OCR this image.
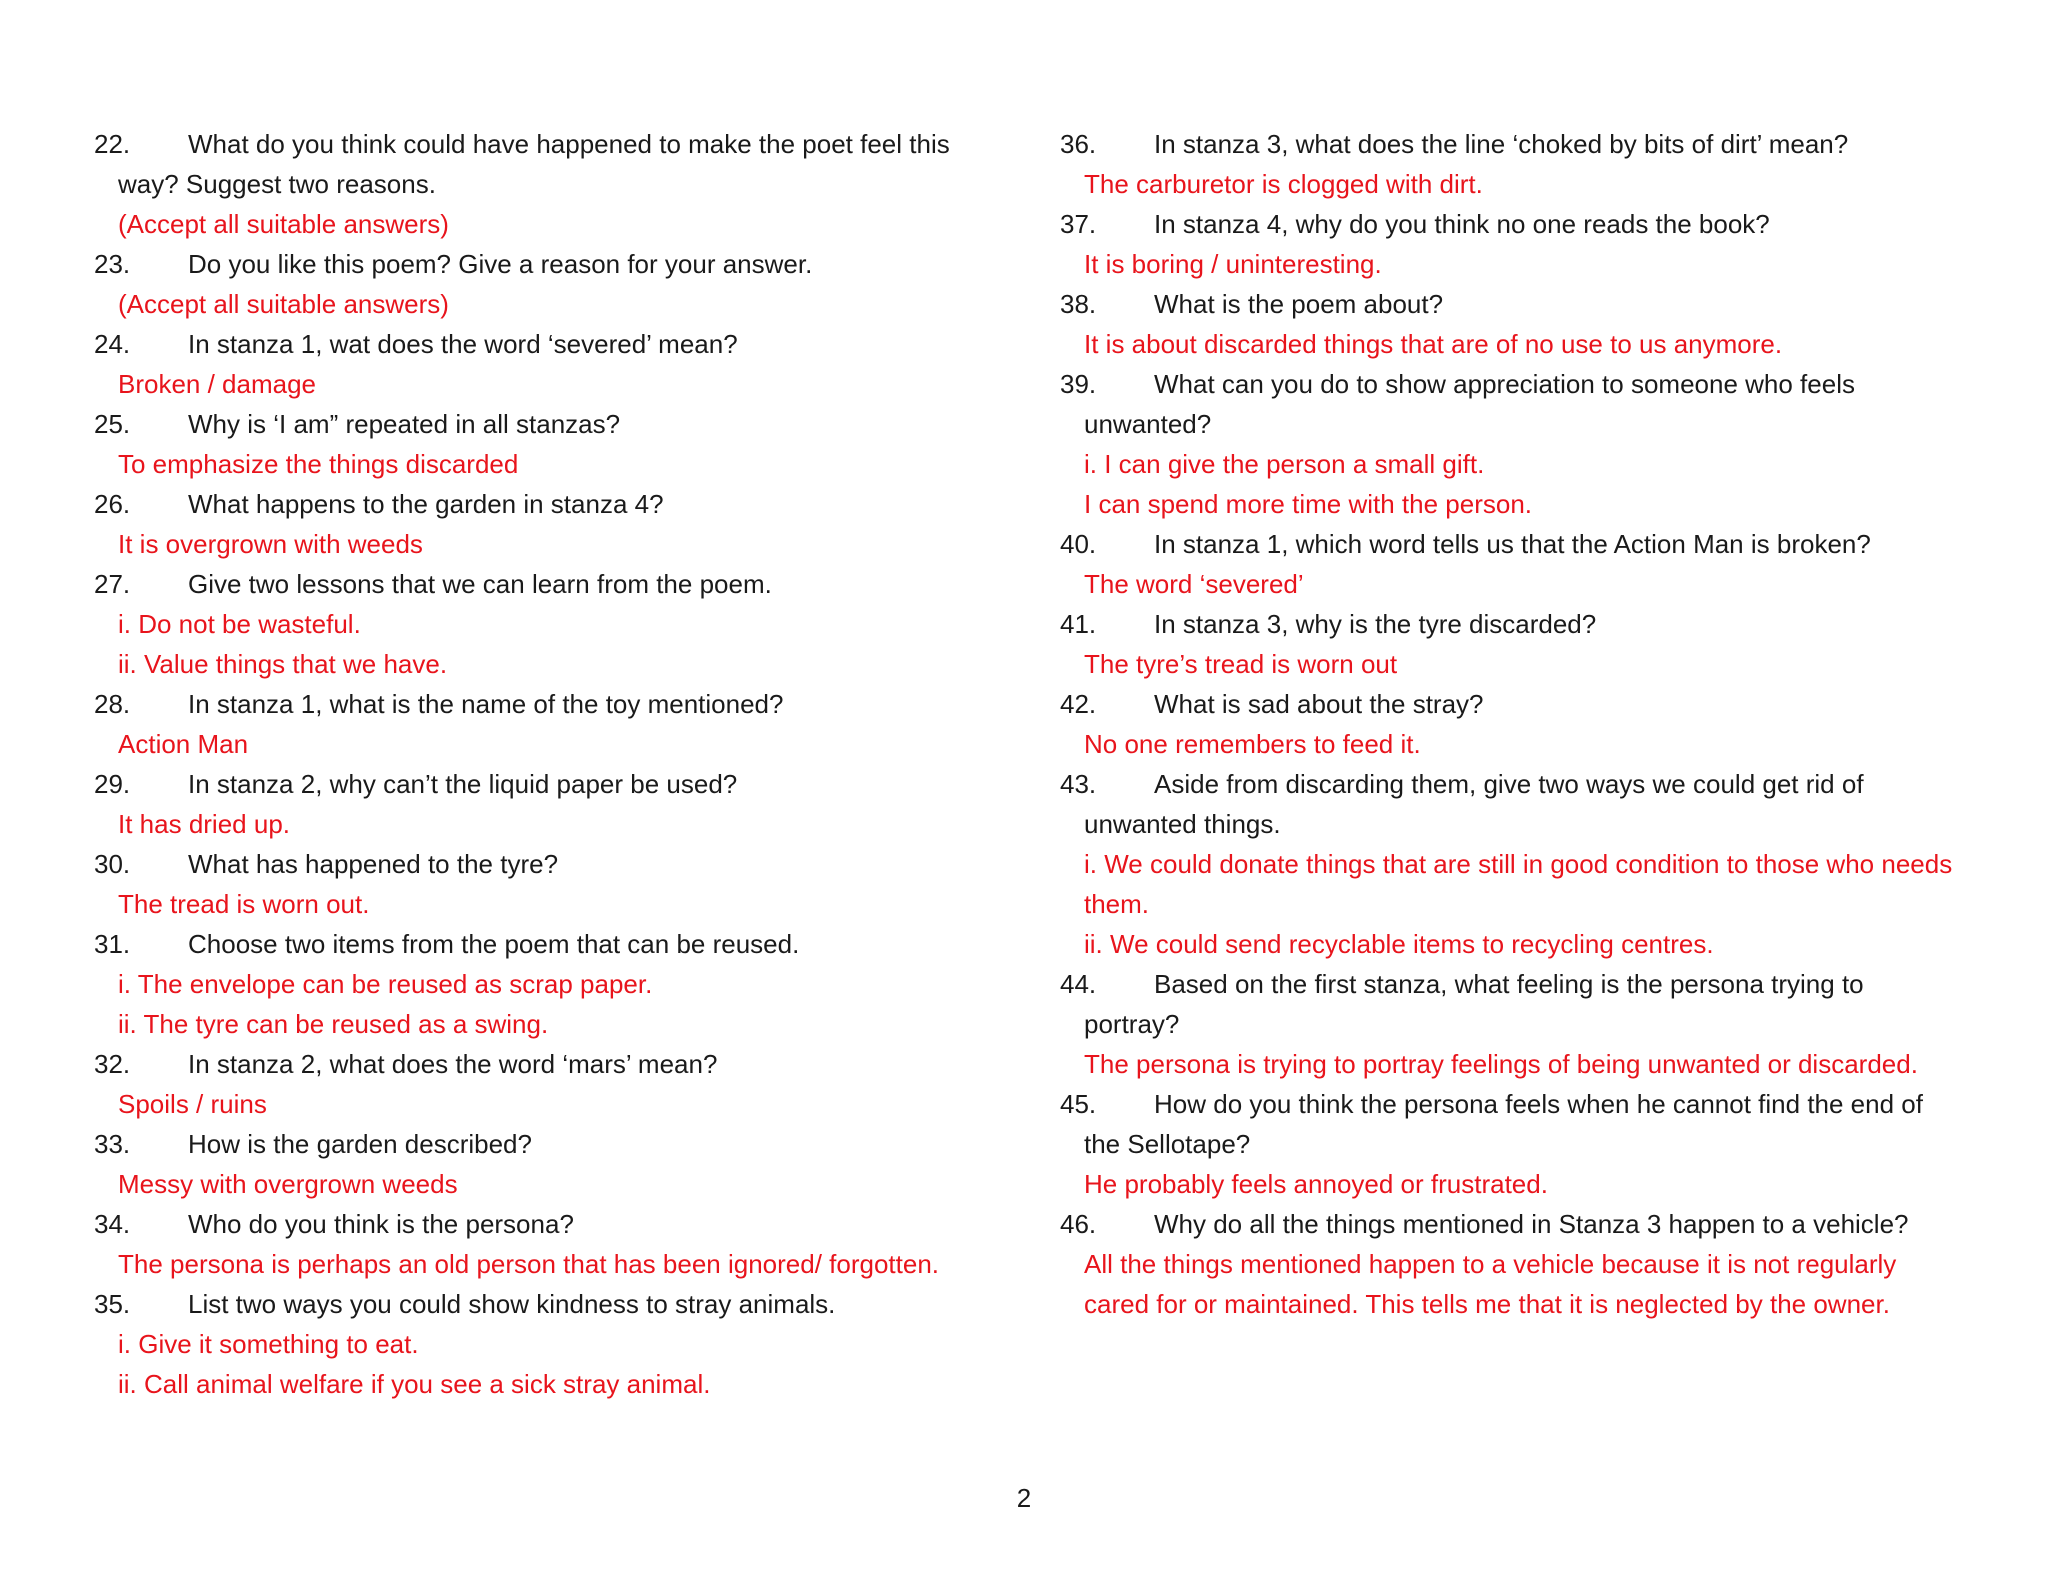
22.	What do you think could have happened to make the poet feel this way? Suggest two reasons.
(Accept all suitable answers)
23.	Do you like this poem? Give a reason for your answer.
(Accept all suitable answers)
24.	In stanza 1, wat does the word ‘severed’ mean?
Broken / damage
25.	Why is ‘I am” repeated in all stanzas?
To emphasize the things discarded
26.	What happens to the garden in stanza 4?
It is overgrown with weeds
27.	Give two lessons that we can learn from the poem.
i. Do not be wasteful.
ii. Value things that we have.
28.	In stanza 1, what is the name of the toy mentioned?
Action Man
29.	In stanza 2, why can’t the liquid paper be used?
It has dried up.
30.	What has happened to the tyre?
The tread is worn out.
31.	Choose two items from the poem that can be reused.
i. The envelope can be reused as scrap paper.
ii. The tyre can be reused as a swing.
32.	In stanza 2, what does the word ‘mars’ mean?
Spoils / ruins
33.	How is the garden described?
Messy with overgrown weeds
34.	Who do you think is the persona?
The persona is perhaps an old person that has been ignored/ forgotten.
35.	List two ways you could show kindness to stray animals.
i. Give it something to eat.
ii. Call animal welfare if you see a sick stray animal.
36.	In stanza 3, what does the line ‘choked by bits of dirt’ mean?
The carburetor is clogged with dirt.
37.	In stanza 4, why do you think no one reads the book?
It is boring / uninteresting.
38.	What is the poem about?
It is about discarded things that are of no use to us anymore.
39.	What can you do to show appreciation to someone who feels unwanted?
i. I can give the person a small gift.
I can spend more time with the person.
40.	In stanza 1, which word tells us that the Action Man is broken?
The word ‘severed’
41.	In stanza 3, why is the tyre discarded?
The tyre’s tread is worn out
42.	What is sad about the stray?
No one remembers to feed it.
43.	Aside from discarding them, give two ways we could get rid of unwanted things.
i. We could donate things that are still in good condition to those who needs them.
ii. We could send recyclable items to recycling centres.
44.	Based on the first stanza, what feeling is the persona trying to portray?
The persona is trying to portray feelings of being unwanted or discarded.
45.	How do you think the persona feels when he cannot find the end of the Sellotape?
He probably feels annoyed or frustrated.
46.	Why do all the things mentioned in Stanza 3 happen to a vehicle?
All the things mentioned happen to a vehicle because it is not regularly cared for or maintained. This tells me that it is neglected by the owner.
2
